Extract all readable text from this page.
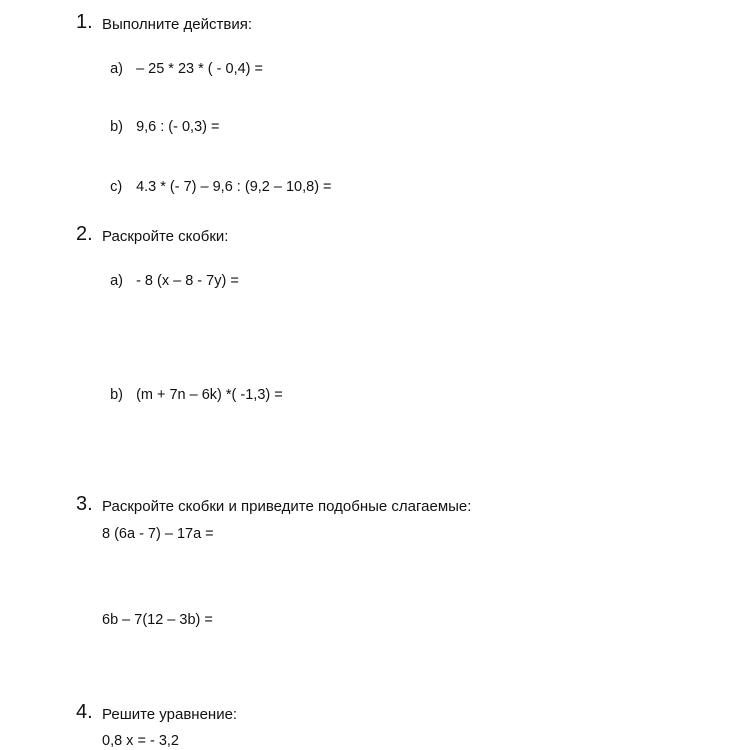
1. Выполните действия:

a) – 25 * 23 * ( - 0,4) =

b) 9,6 : (- 0,3) =

c) 4.3 * (- 7) – 9,6 : (9,2 – 10,8) =

2. Раскройте скобки:

a) - 8 (x – 8 - 7y) =

b) (m + 7n – 6k) *( -1,3) =

3. Раскройте скобки и приведите подобные слагаемые:
8 (6a - 7) – 17a =
6b – 7(12 – 3b) =
4. Решите уравнение:
0,8 x = - 3,2
